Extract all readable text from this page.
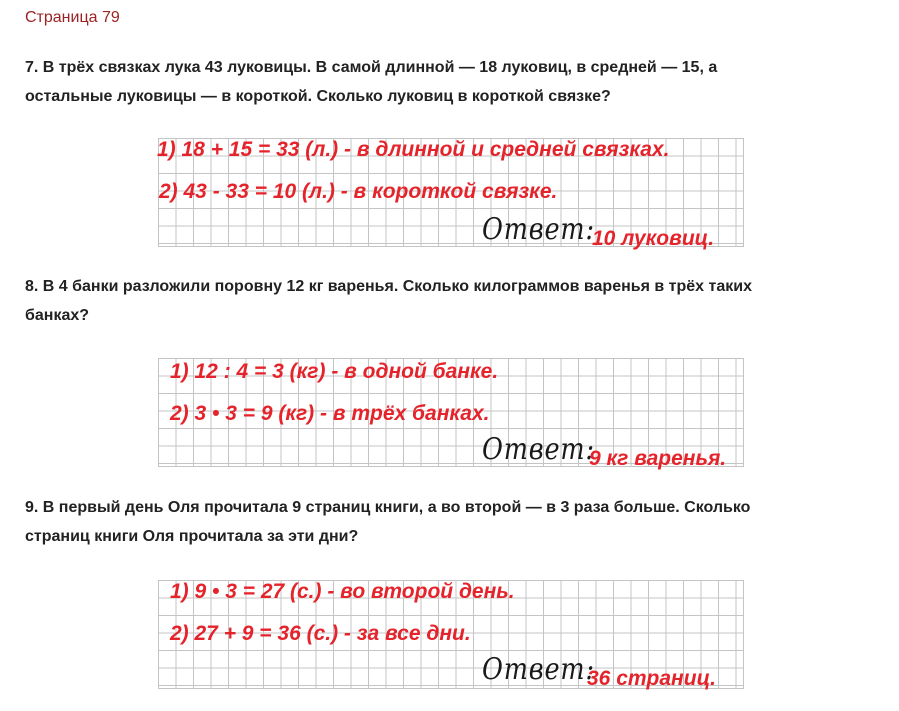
Страница 79
7. В трёх связках лука 43 луковицы. В самой длинной — 18 луковиц, в средней — 15, а
остальные луковицы — в короткой. Сколько луковиц в короткой связке?
1) 18 + 15 = 33 (л.) - в длинной и средней связках.
2) 43 - 33 = 10 (л.) - в короткой связке.
Ответ:
10 луковиц.
8. В 4 банки разложили поровну 12 кг варенья. Сколько килограммов варенья в трёх таких
банках?
1) 12 : 4 = 3 (кг) - в одной банке.
2) 3 • 3 = 9 (кг) - в трёх банках.
Ответ:
9 кг варенья.
9. В первый день Оля прочитала 9 страниц книги, а во второй — в 3 раза больше. Сколько
страниц книги Оля прочитала за эти дни?
1) 9 • 3 = 27 (с.) - во второй день.
2) 27 + 9 = 36 (с.) - за все дни.
Ответ:
36 страниц.
